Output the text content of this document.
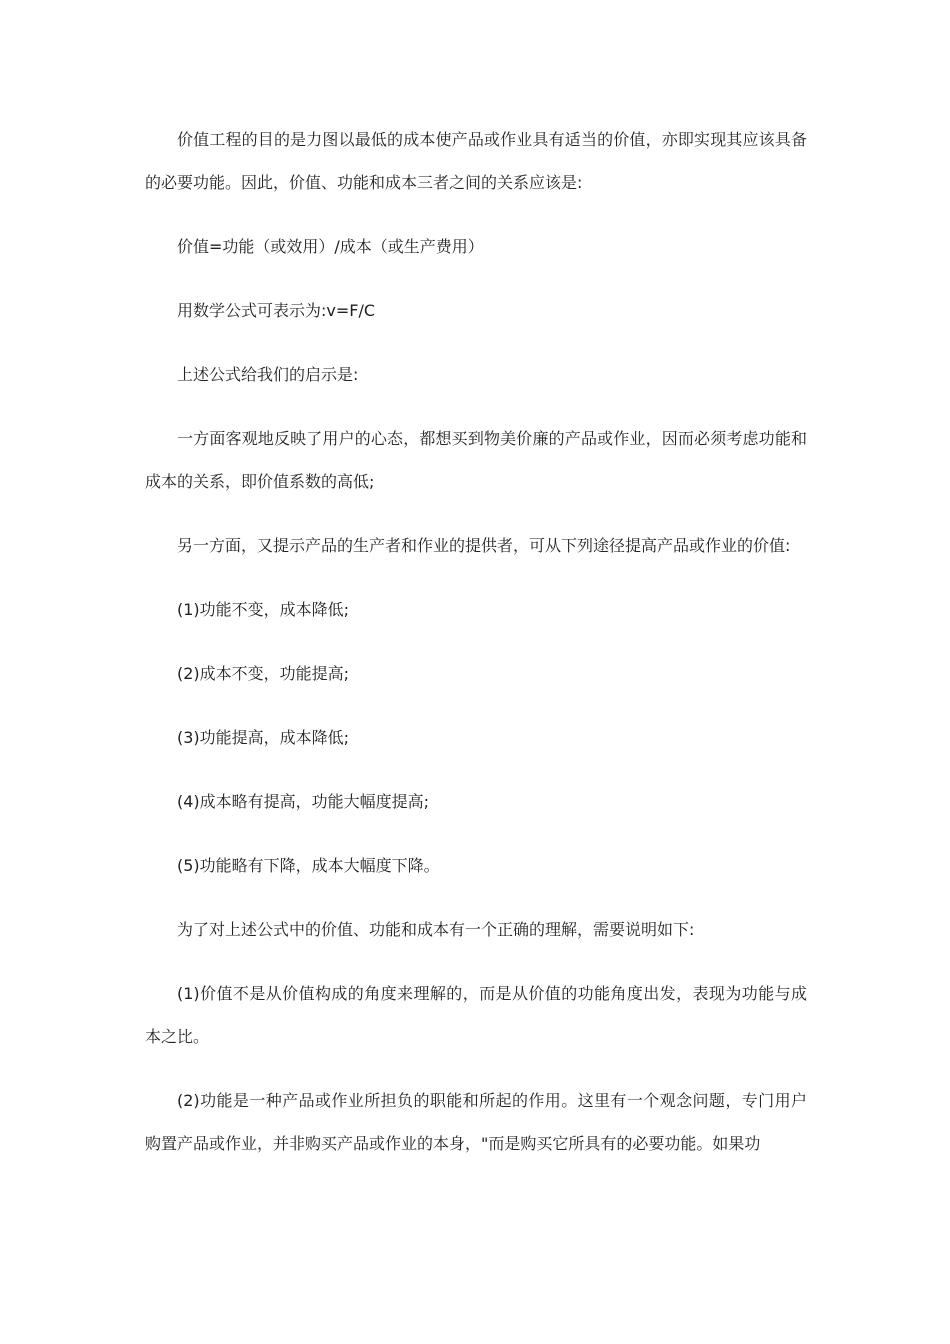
价值工程的目的是力图以最低的成本使产品或作业具有适当的价值，亦即实现其应该具备的必要功能。因此，价值、功能和成本三者之间的关系应该是:

价值=功能（或效用）/成本（或生产费用）

用数学公式可表示为:v=F/C

上述公式给我们的启示是:

一方面客观地反映了用户的心态，都想买到物美价廉的产品或作业，因而必须考虑功能和成本的关系，即价值系数的高低;

另一方面，又提示产品的生产者和作业的提供者，可从下列途径提高产品或作业的价值:

(1)功能不变，成本降低;

(2)成本不变，功能提高;

(3)功能提高，成本降低;

(4)成本略有提高，功能大幅度提高;

(5)功能略有下降，成本大幅度下降。

为了对上述公式中的价值、功能和成本有一个正确的理解，需要说明如下:

(1)价值不是从价值构成的角度来理解的，而是从价值的功能角度出发，表现为功能与成本之比。

(2)功能是一种产品或作业所担负的职能和所起的作用。这里有一个观念问题，专门用户购置产品或作业，并非购买产品或作业的本身，"而是购买它所具有的必要功能。如果功
